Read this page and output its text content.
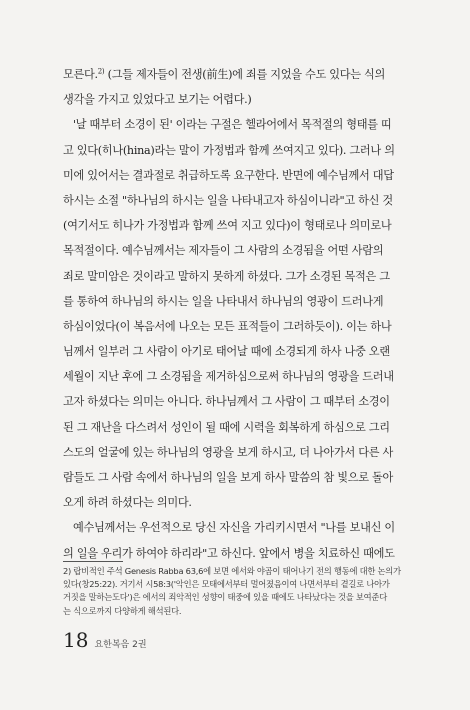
모른다.$^{2)}$ (그들 제자들이 전생(前生)에 죄를 지었을 수도 있다는 식의
생각을 가지고 있었다고 보기는 어렵다.)
'날 때부터 소경이 된' 이라는 구절은 헬라어에서 목적절의 형태를 띠
고 있다(히나(hina)라는 말이 가정법과 함께 쓰여지고 있다). 그러나 의
미에 있어서는 결과절로 취급하도록 요구한다. 반면에 예수님께서 대답
하시는 소절 "하나님의 하시는 일을 나타내고자 하심이니라"고 하신 것
(여기서도 히나가 가정법과 함께 쓰여 지고 있다)이 형태로나 의미로나
목적절이다. 예수님께서는 제자들이 그 사람의 소경됨을 어떤 사람의
죄로 말미암은 것이라고 말하지 못하게 하셨다. 그가 소경된 목적은 그
를 통하여 하나님의 하시는 일을 나타내서 하나님의 영광이 드러나게
하심이었다(이 복음서에 나오는 모든 표적들이 그러하듯이). 이는 하나
님께서 일부러 그 사람이 아기로 태어날 때에 소경되게 하사 나중 오랜
세월이 지난 후에 그 소경됨을 제거하심으로써 하나님의 영광을 드러내
고자 하셨다는 의미는 아니다. 하나님께서 그 사람이 그 때부터 소경이
된 그 재난을 다스려서 성인이 될 때에 시력을 회복하게 하심으로 그리
스도의 얼굴에 있는 하나님의 영광을 보게 하시고, 더 나아가서 다른 사
람들도 그 사람 속에서 하나님의 일을 보게 하사 말씀의 참 빛으로 돌아
오게 하려 하셨다는 의미다.
예수님께서는 우선적으로 당신 자신을 가리키시면서 "나를 보내신 이
의 일을 우리가 하여야 하리라"고 하신다. 앞에서 병을 치료하신 때에도
2) 랍비적인 주석 Genesis Rabba 63,6에 보면 에서와 야곱이 태어나기 전의 행동에 대한 논의가
있다(창25:22). 거기서 시58:3('악인은 모태에서부터 멀어졌음이여 나면서부터 곁길로 나아가
거짓을 말하는도다')은 에서의 죄악적인 성향이 태중에 있을 때에도 나타났다는 것을 보여준다
는 식으로까지 다양하게 해석된다.
18 요한복음 2권
